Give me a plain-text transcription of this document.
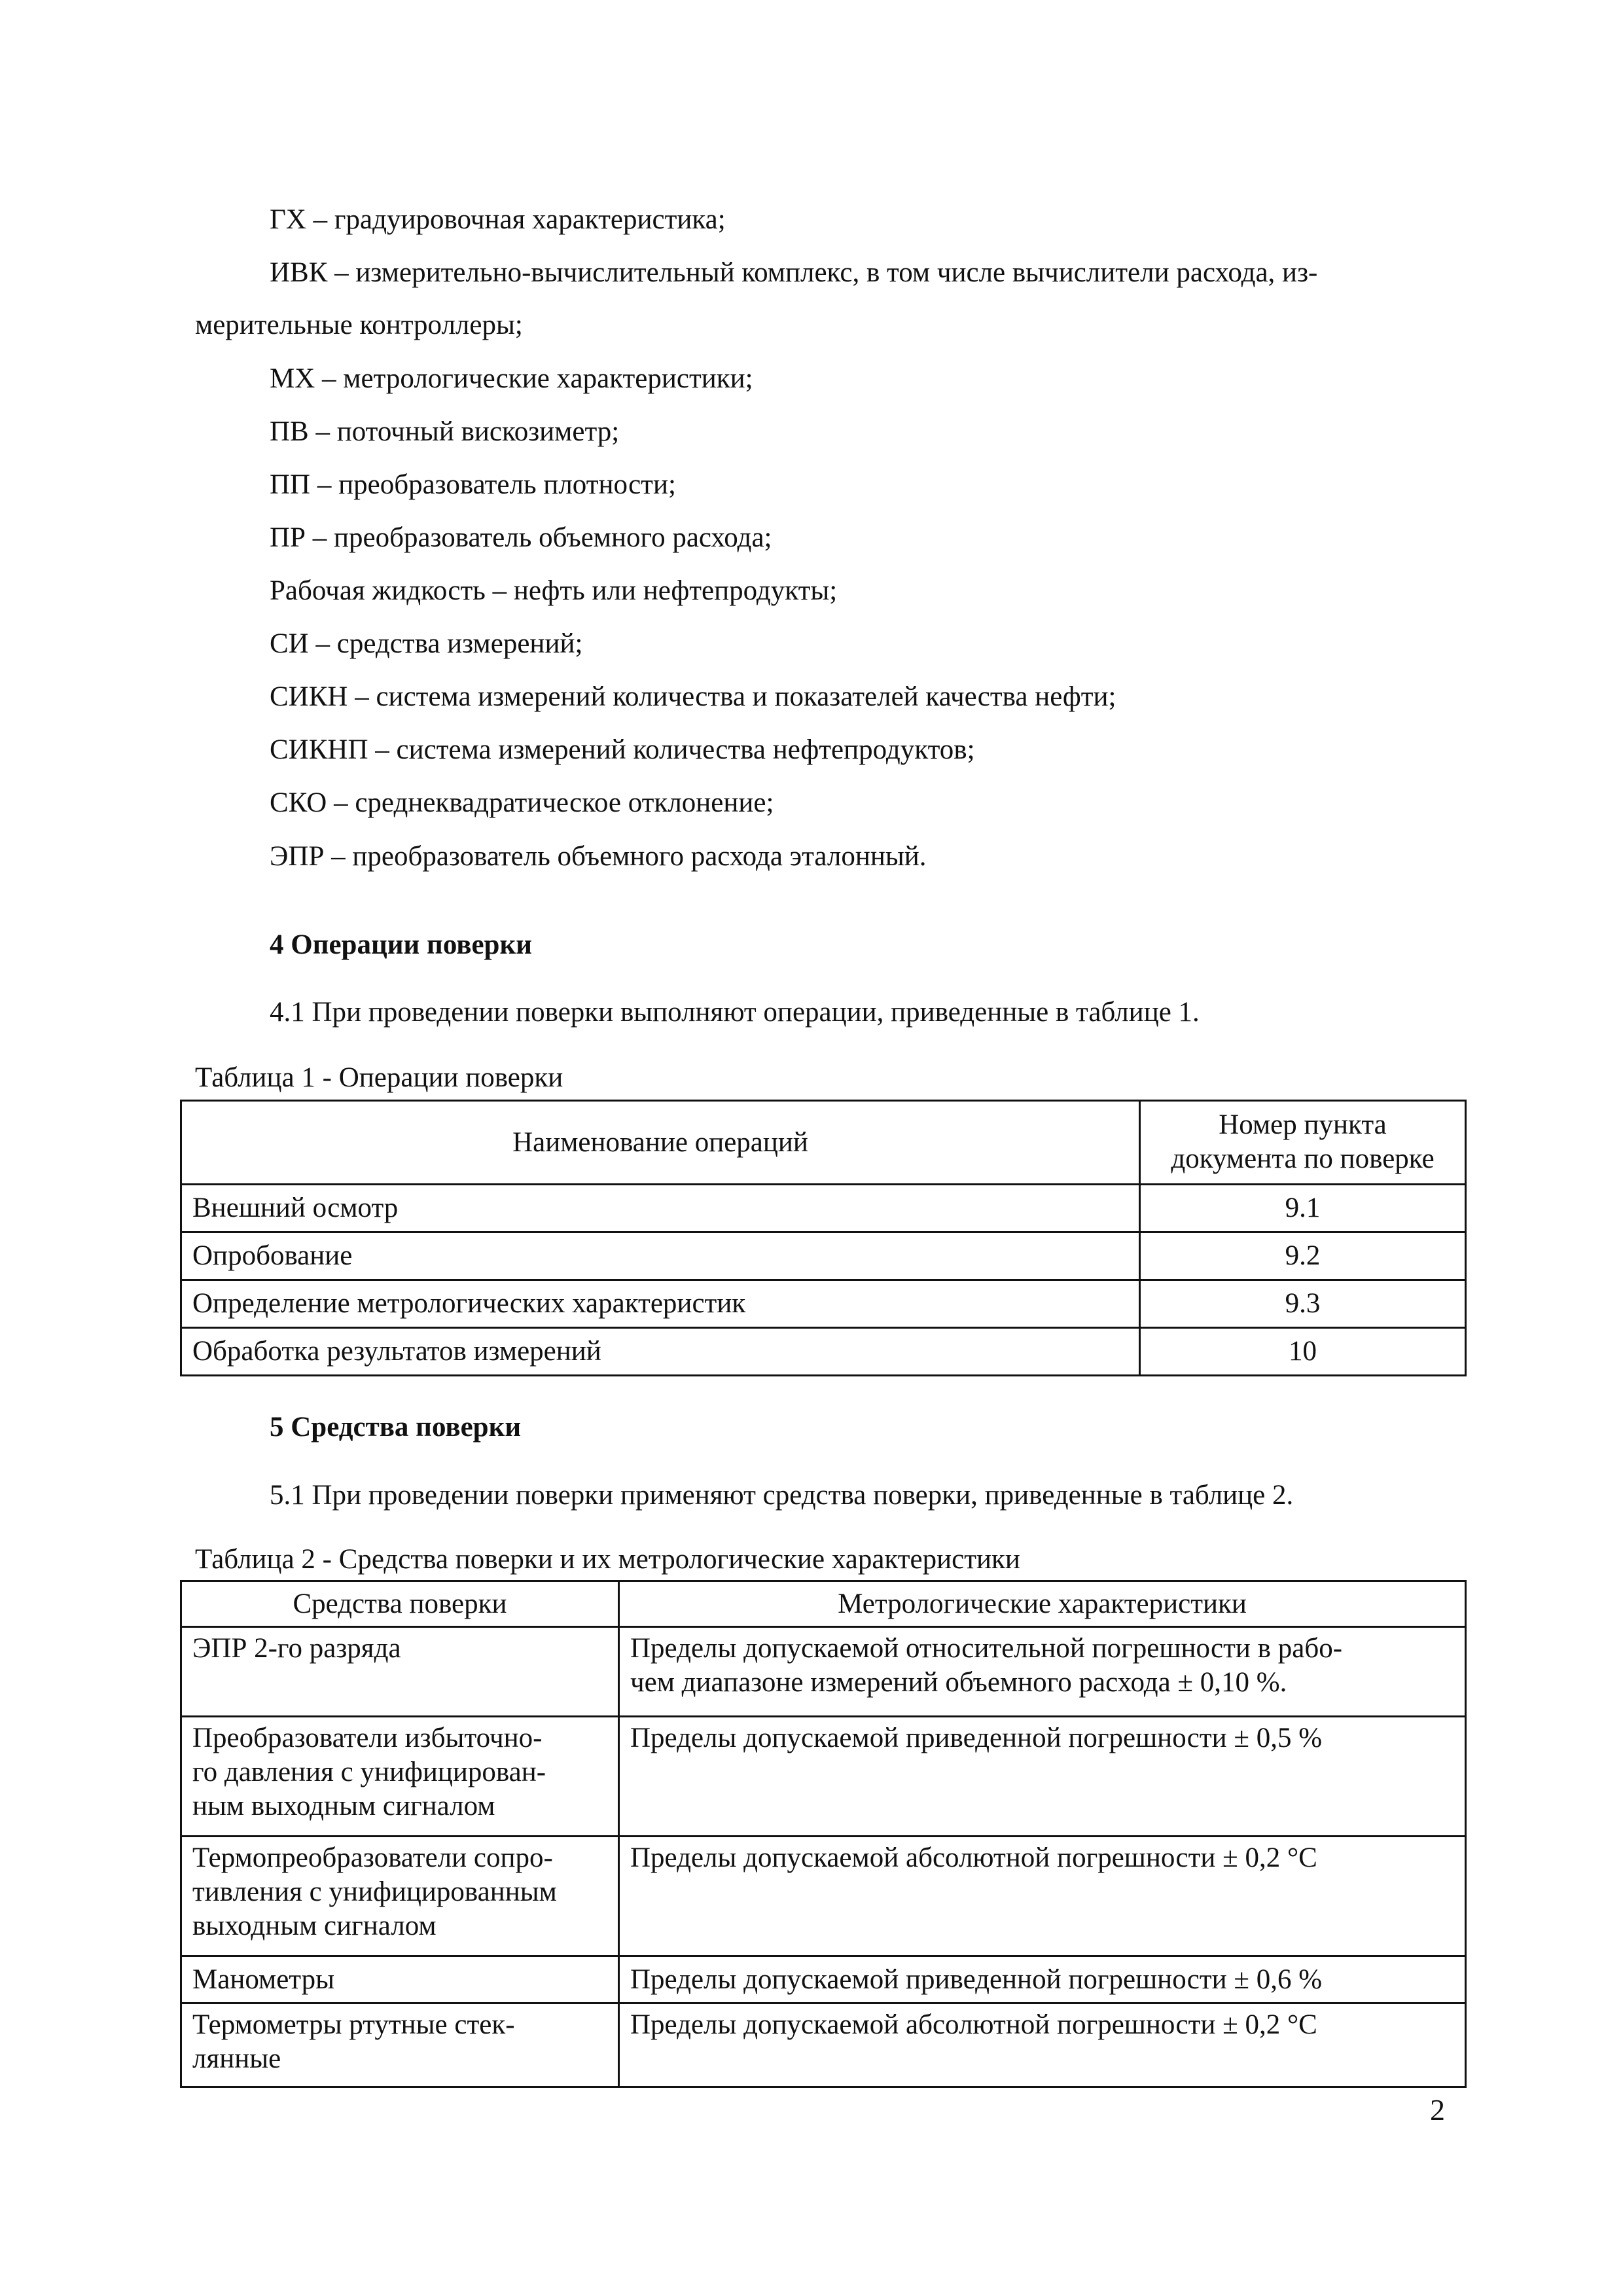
ГХ – градуировочная характеристика;
ИВК – измерительно-вычислительный комплекс, в том числе вычислители расхода, из-
мерительные контроллеры;
МХ – метрологические характеристики;
ПВ – поточный вискозиметр;
ПП – преобразователь плотности;
ПР – преобразователь объемного расхода;
Рабочая жидкость – нефть или нефтепродукты;
СИ – средства измерений;
СИКН – система измерений количества и показателей качества нефти;
СИКНП – система измерений количества нефтепродуктов;
СКО – среднеквадратическое отклонение;
ЭПР – преобразователь объемного расхода эталонный.
4 Операции поверки
4.1 При проведении поверки выполняют операции, приведенные в таблице 1.
Таблица 1 - Операции поверки
Наименование операций	Номер пункта
документа по поверке

Внешний осмотр	9.1
Опробование	9.2
Определение метрологических характеристик	9.3
Обработка результатов измерений	10
5 Средства поверки
5.1 При проведении поверки применяют средства поверки, приведенные в таблице 2.
Таблица 2 - Средства поверки и их метрологические характеристики
Средства поверки	Метрологические характеристики

ЭПР 2-го разряда	Пределы допускаемой относительной погрешности в рабо-
чем диапазоне измерений объемного расхода ± 0,10 %.

Преобразователи избыточно-
го давления с унифицирован-
ным выходным сигналом	Пределы допускаемой приведенной погрешности ± 0,5 %

Термопреобразователи сопро-
тивления с унифицированным
выходным сигналом	Пределы допускаемой абсолютной погрешности ± 0,2 °С

Манометры	Пределы допускаемой приведенной погрешности ± 0,6 %

Термометры ртутные стек-
лянные	Пределы допускаемой абсолютной погрешности ± 0,2 °С
2
